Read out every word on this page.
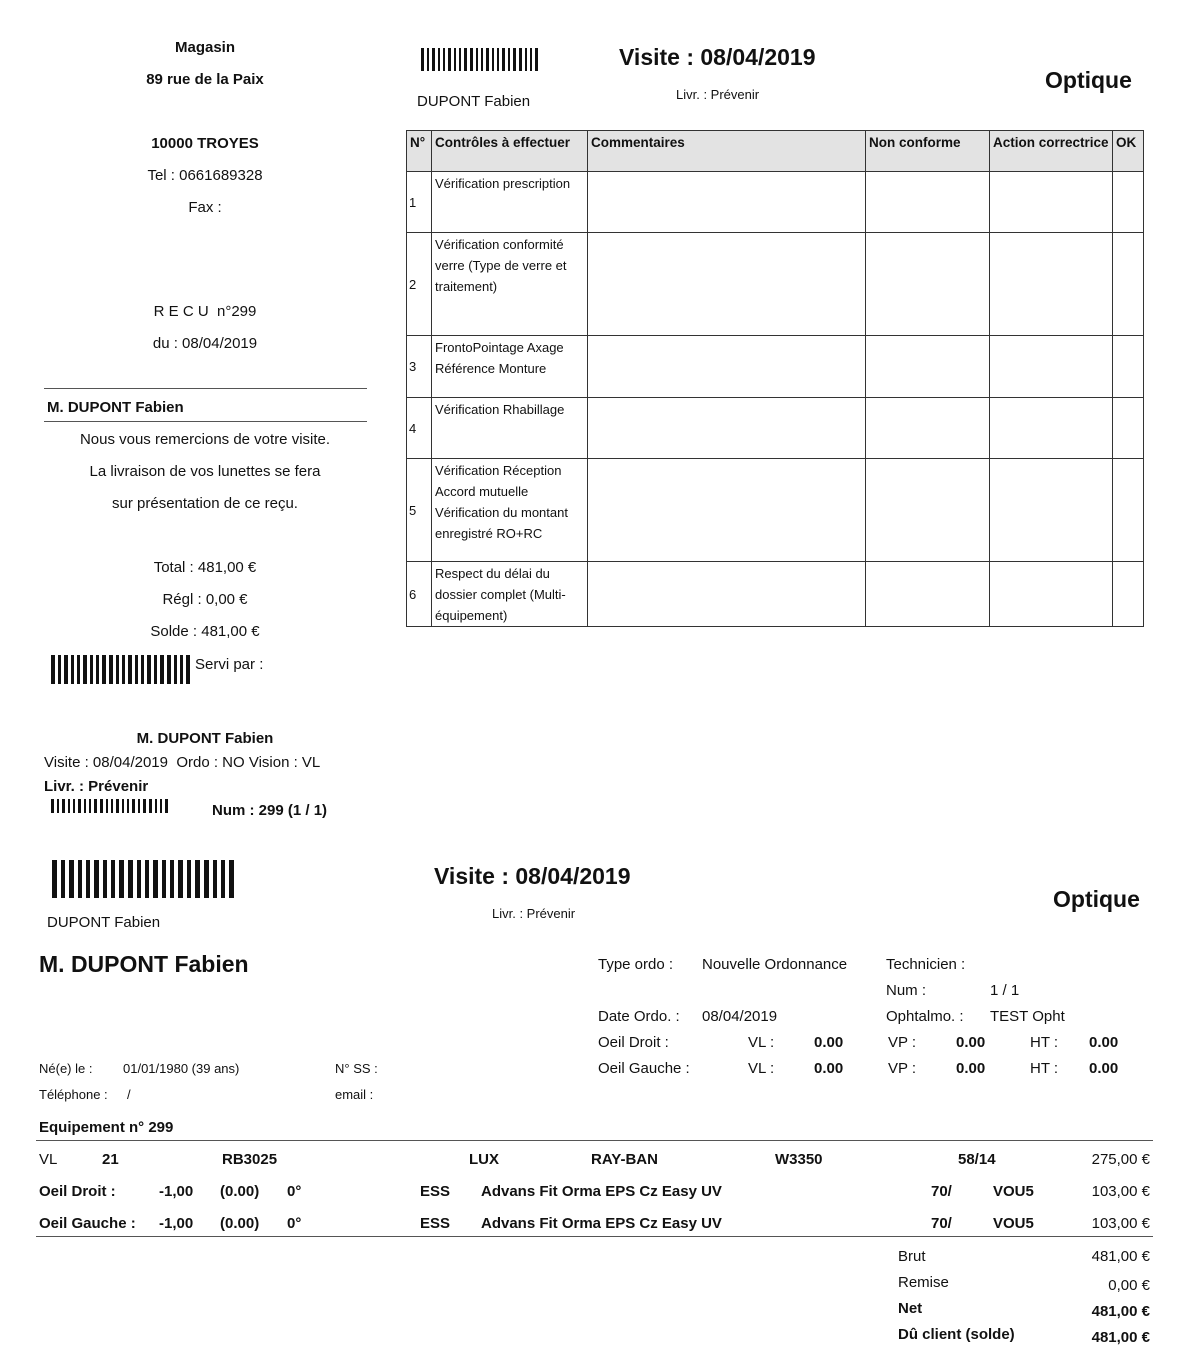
Magasin
89 rue de la Paix
10000 TROYES
Tel : 0661689328
Fax :
R E C U  n°299
du : 08/04/2019
M. DUPONT Fabien
Nous vous remercions de votre visite.
La livraison de vos lunettes se fera
sur présentation de ce reçu.
Total : 481,00 €
Régl : 0,00 €
Solde : 481,00 €
Servi par :
M. DUPONT Fabien
Visite : 08/04/2019  Ordo : NO Vision : VL
Livr. : Prévenir
Num : 299 (1 / 1)
DUPONT Fabien
Visite : 08/04/2019
Livr. : Prévenir
Optique
N°	Contrôles à effectuer	Commentaires	Non conforme	Action correctrice	OK
1	Vérification prescription				
2	Vérification conformité verre (Type de verre et traitement)				
3	FrontoPointage Axage Référence Monture				
4	Vérification Rhabillage				
5	Vérification Réception Accord mutuelle Vérification du montant enregistré RO+RC				
6	Respect du délai du dossier complet (Multi-équipement)				
DUPONT Fabien
Visite : 08/04/2019
Livr. : Prévenir
Optique
M. DUPONT Fabien	Type ordo : Nouvelle Ordonnance	Technicien :
Num :	1 / 1
Date Ordo. : 08/04/2019	Ophtalmo. : TEST Opht
Oeil Droit :	VL :	0.00	VP :	0.00	HT : 0.00
Oeil Gauche :	VL :	0.00	VP :	0.00	HT : 0.00
Né(e) le : 01/01/1980 (39 ans)	N° SS :
Téléphone : /	email :
Equipement n° 299
VL	21	RB3025	LUX	RAY-BAN	W3350	58/14	275,00 €
Oeil Droit :	-1,00 (0.00) 0°	ESS Advans Fit Orma EPS Cz Easy UV	70/	VOU5	103,00 €
Oeil Gauche : -1,00 (0.00) 0°	ESS Advans Fit Orma EPS Cz Easy UV	70/	VOU5	103,00 €
Brut	481,00 €
Remise	0,00 €
Net	481,00 €
Dû client (solde)	481,00 €
